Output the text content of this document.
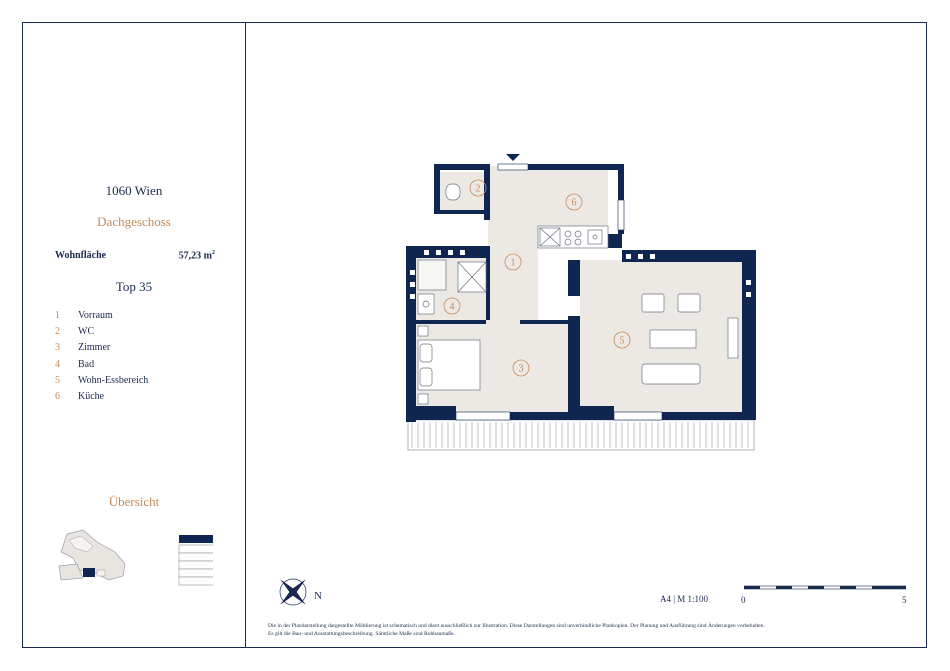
1060 Wien
Dachgeschoss
Wohnfläche	57,23 $m^2$
Top 35
1 Vorraum
2 WC
3 Zimmer
4 Bad
5 Wohn-Essbereich
6 Küche
Übersicht
1
2
3
4
5
6
N	A4 | M 1:100	0	5
Die in der Plandarstellung dargestellte Möblierung ist schematisch und dient ausschließlich zur Illustration. Diese Darstellungen sind unverbindliche Plankopien. Der Planung und Ausführung sind Änderungen vorbehalten.
Es gilt die Bau- und Ausstattungsbeschreibung. Sämtliche Maße sind Rohbaumaße.
